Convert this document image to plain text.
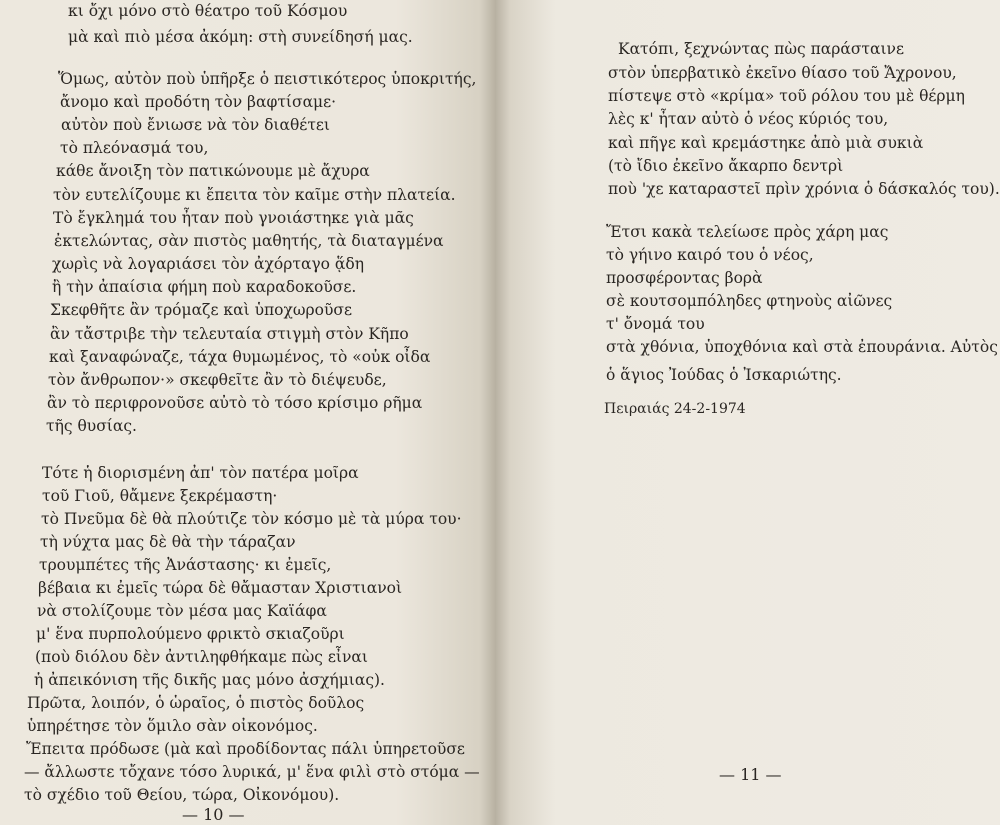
κι ὄχι μόνο στὸ θέατρο τοῦ Κόσμου
μὰ καὶ πιὸ μέσα ἀκόμη: στὴ συνείδησή μας.
Ὅμως, αὐτὸν ποὺ ὑπῆρξε ὁ πειστικότερος ὑποκριτής,
ἄνομο καὶ προδότη τὸν βαφτίσαμε·
αὐτὸν ποὺ ἔνιωσε νὰ τὸν διαθέτει
τὸ πλεόνασμά του,
κάθε ἄνοιξη τὸν πατικώνουμε μὲ ἄχυρα
τὸν ευτελίζουμε κι ἔπειτα τὸν καῖμε στὴν πλατεία.
Τὸ ἔγκλημά του ἦταν ποὺ γνοιάστηκε γιὰ μᾶς
ἐκτελώντας, σὰν πιστὸς μαθητής, τὰ διαταγμένα
χωρὶς νὰ λογαριάσει τὸν ἀχόρταγο ᾅδη
ἢ τὴν ἀπαίσια φήμη ποὺ καραδοκοῦσε.
Σκεφθῆτε ἂν τρόμαζε καὶ ὑποχωροῦσε
ἂν τἄστριβε τὴν τελευταία στιγμὴ στὸν Κῆπο
καὶ ξαναφώναζε, τάχα θυμωμένος, τὸ «οὐκ οἶδα
τὸν ἄνθρωπον·» σκεφθεῖτε ἂν τὸ διέψευδε,
ἂν τὸ περιφρονοῦσε αὐτὸ τὸ τόσο κρίσιμο ρῆμα
τῆς θυσίας.
Τότε ἡ διορισμένη ἀπ' τὸν πατέρα μοῖρα
τοῦ Γιοῦ, θἄμενε ξεκρέμαστη·
τὸ Πνεῦμα δὲ θὰ πλούτιζε τὸν κόσμο μὲ τὰ μύρα του·
τὴ νύχτα μας δὲ θὰ τὴν τάραζαν
τρουμπέτες τῆς Ἀνάστασης· κι ἐμεῖς,
βέβαια κι ἐμεῖς τώρα δὲ θἄμασταν Χριστιανοὶ
νὰ στολίζουμε τὸν μέσα μας Καϊάφα
μ' ἕνα πυρπολούμενο φρικτὸ σκιαζοῦρι
(ποὺ διόλου δὲν ἀντιληφθήκαμε πὼς εἶναι
ἡ ἀπεικόνιση τῆς δικῆς μας μόνο ἀσχήμιας).
Πρῶτα, λοιπόν, ὁ ὡραῖος, ὁ πιστὸς δοῦλος
ὑπηρέτησε τὸν ὅμιλο σὰν οἰκονόμος.
Ἔπειτα πρόδωσε (μὰ καὶ προδίδοντας πάλι ὑπηρετοῦσε
— ἄλλωστε τὄχανε τόσο λυρικά, μ' ἕνα φιλὶ στὸ στόμα —
τὸ σχέδιο τοῦ Θείου, τώρα, Οἰκονόμου).
— 10 —
Κατόπι, ξεχνώντας πὼς παράσταινε
στὸν ὑπερβατικὸ ἐκεῖνο θίασο τοῦ Ἄχρονου,
πίστεψε στὸ «κρίμα» τοῦ ρόλου του μὲ θέρμη
λὲς κ' ἦταν αὐτὸ ὁ νέος κύριός του,
καὶ πῆγε καὶ κρεμάστηκε ἀπὸ μιὰ συκιὰ
(τὸ ἴδιο ἐκεῖνο ἄκαρπο δεντρὶ
ποὺ 'χε καταραστεῖ πρὶν χρόνια ὁ δάσκαλός του).
Ἔτσι κακὰ τελείωσε πρὸς χάρη μας
τὸ γήινο καιρό του ὁ νέος,
προσφέροντας βορὰ
σὲ κουτσομπόληδες φτηνοὺς αἰῶνες
τ' ὄνομά του
στὰ χθόνια, ὑποχθόνια καὶ στὰ ἐπουράνια. Αὐτὸς
ὁ ἅγιος Ἰούδας ὁ Ἰσκαριώτης.
Πειραιάς 24-2-1974
— 11 —
